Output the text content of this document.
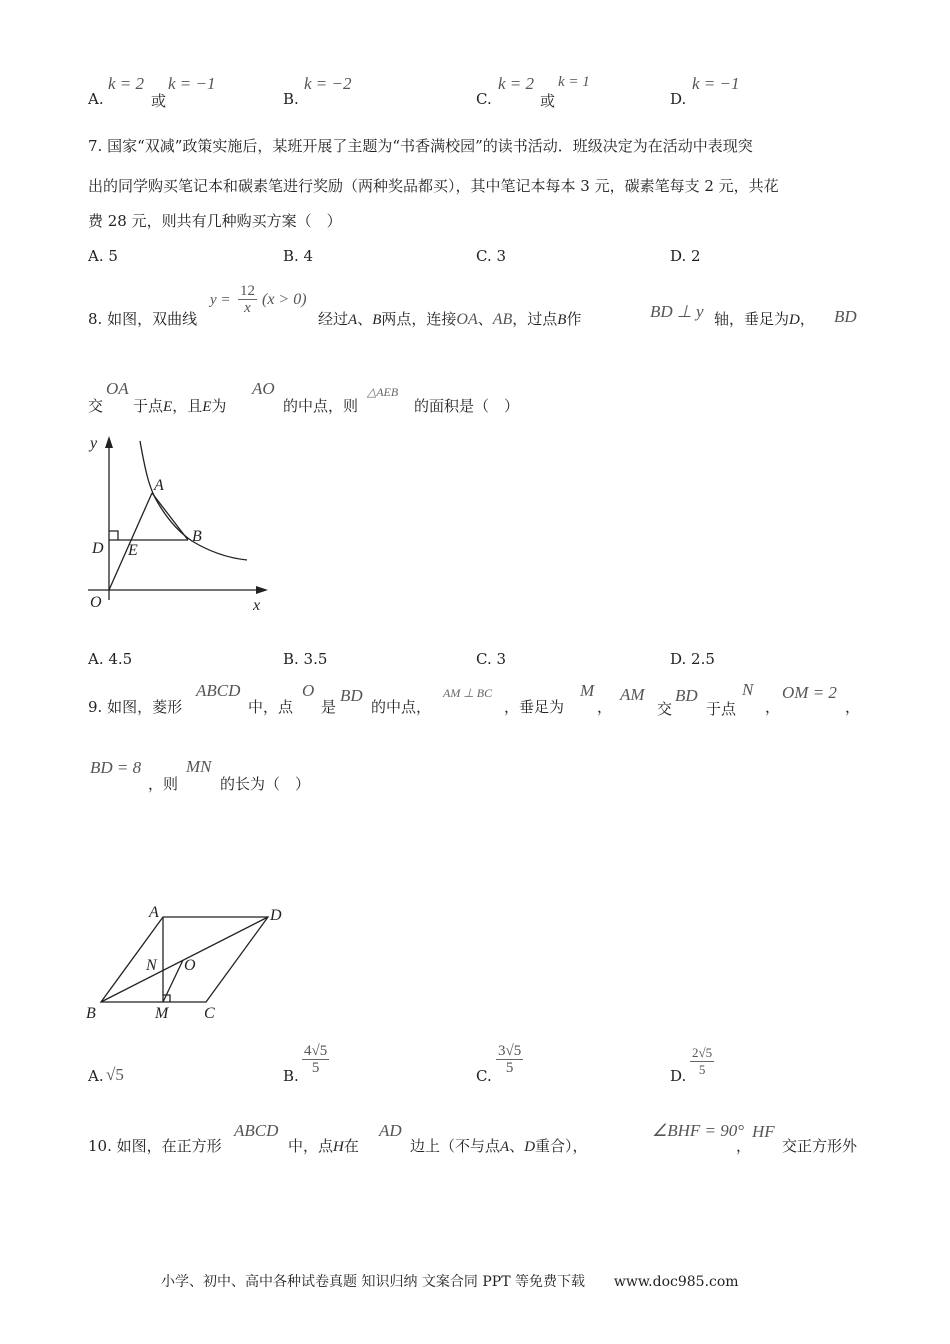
A.
k = 2
或
k = −1
B.
k = −2
C.
k = 2
或
k = 1
D.
k = −1
7. 国家“双减”政策实施后，某班开展了主题为“书香满校园”的读书活动．班级决定为在活动中表现突
出的同学购买笔记本和碳素笔进行奖励（两种奖品都买），其中笔记本每本 3 元，碳素笔每支 2 元，共花
费 28 元，则共有几种购买方案（　）
A. 5	B. 4	C. 3	D. 2
8. 如图，双曲线
$y = \frac{12}{x} (x > 0)$
经过A、B两点，连接OA、AB，过点B作	BD ⊥ y 轴，垂足为D， BD
交
OA
于点E，且E为
AO
的中点，则
△AEB
的面积是（　）
y
x
O
A
B
D E
A. 4.5	B. 3.5	C. 3	D. 2.5
9. 如图，菱形
ABCD
中，点
O
是
BD
的中点，
AM ⊥ BC
，垂足为
M
，
AM
交
BD
于点
N
，
OM = 2
，
BD = 8
，则
MN
的长为（　）
A	D
B	M C
N O
A. √5	B. $\frac{4√5}{5}$	C. $\frac{3√5}{5}$	D. $\frac{2√5}{5}$
10. 如图，在正方形
ABCD
中，点H在
AD
边上（不与点A、D重合），
∠BHF = 90°
，
HF
交正方形外
小学、初中、高中各种试卷真题 知识归纳 文案合同 PPT 等免费下载 www.doc985.com
